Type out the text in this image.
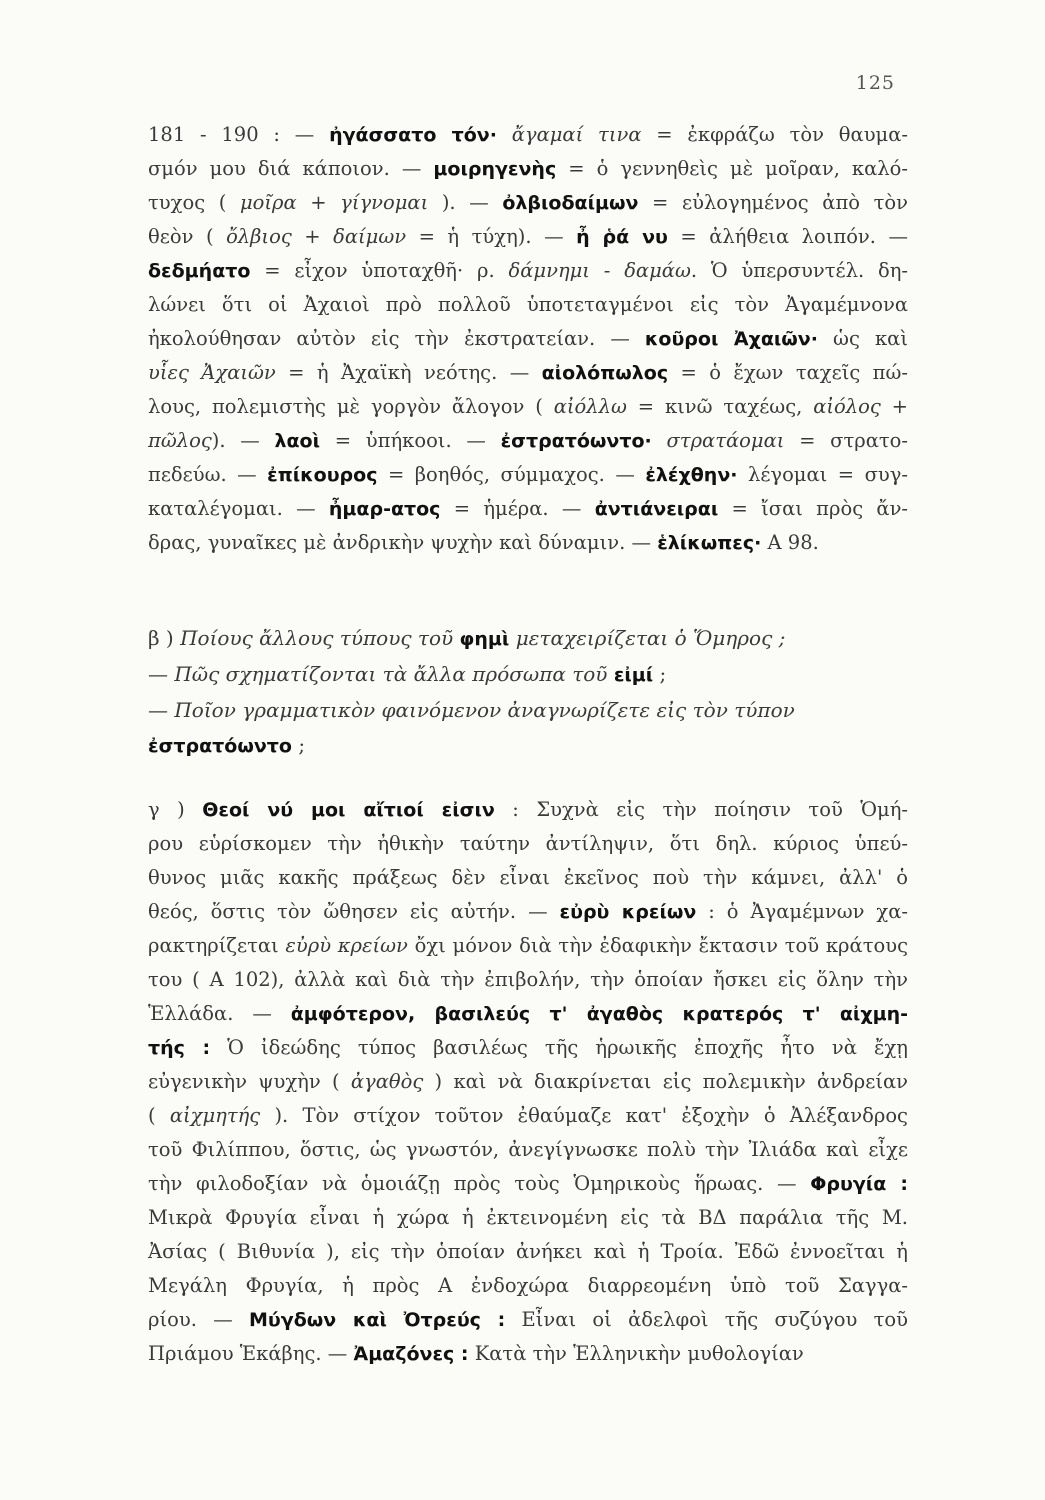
125
181 - 190 : — ἠγάσσατο τόν· ἄγαμαί τινα = ἐκφράζω τὸν θαυμα-
σμόν μου διά κάποιον. — μοιρηγενὴς = ὁ γεννηθεὶς μὲ μοῖραν, καλό-
τυχος ( μοῖρα + γίγνομαι ). — ὀλβιοδαίμων = εὐλογημένος ἀπὸ τὸν
θεὸν ( ὄλβιος + δαίμων = ἡ τύχη). — ἦ ῥά νυ = ἀλήθεια λοιπόν. —
δεδμήατο = εἶχον ὑποταχθῆ· ρ. δάμνημι - δαμάω. Ὁ ὑπερσυντέλ. δη-
λώνει ὅτι οἱ Ἀχαιοὶ πρὸ πολλοῦ ὑποτεταγμένοι εἰς τὸν Ἀγαμέμνονα
ἠκολούθησαν αὐτὸν εἰς τὴν ἐκστρατείαν. — κοῦροι Ἀχαιῶν· ὡς καὶ
υἷες Ἀχαιῶν = ἡ Ἀχαϊκὴ νεότης. — αἰολόπωλος = ὁ ἔχων ταχεῖς πώ-
λους, πολεμιστὴς μὲ γοργὸν ἄλογον ( αἰόλλω = κινῶ ταχέως, αἰόλος +
πῶλος). — λαοὶ = ὑπήκοοι. — ἐστρατόωντο· στρατάομαι = στρατο-
πεδεύω. — ἐπίκουρος = βοηθός, σύμμαχος. — ἐλέχθην· λέγομαι = συγ-
καταλέγομαι. — ἦμαρ-ατος = ἡμέρα. — ἀντιάνειραι = ἴσαι πρὸς ἄν-
δρας, γυναῖκες μὲ ἀνδρικὴν ψυχὴν καὶ δύναμιν. — ἑλίκωπες· Α 98.
β ) Ποίους ἄλλους τύπους τοῦ φημὶ μεταχειρίζεται ὁ Ὅμηρος ;
— Πῶς σχηματίζονται τὰ ἄλλα πρόσωπα τοῦ εἰμί ;
— Ποῖον γραμματικὸν φαινόμενον ἀναγνωρίζετε εἰς τὸν τύπον
ἐστρατόωντο ;
γ ) Θεοί νύ μοι αἴτιοί εἰσιν : Συχνὰ εἰς τὴν ποίησιν τοῦ Ὁμή-
ρου εὑρίσκομεν τὴν ἠθικὴν ταύτην ἀντίληψιν, ὅτι δηλ. κύριος ὑπεύ-
θυνος μιᾶς κακῆς πράξεως δὲν εἶναι ἐκεῖνος ποὺ τὴν κάμνει, ἀλλ' ὁ
θεός, ὅστις τὸν ὤθησεν εἰς αὐτήν. — εὐρὺ κρείων : ὁ Ἀγαμέμνων χα-
ρακτηρίζεται εὐρὺ κρείων ὄχι μόνον διὰ τὴν ἐδαφικὴν ἔκτασιν τοῦ κράτους
του ( Α 102), ἀλλὰ καὶ διὰ τὴν ἐπιβολήν, τὴν ὁποίαν ἤσκει εἰς ὅλην τὴν
Ἑλλάδα. — ἀμφότερον, βασιλεύς τ' ἀγαθὸς κρατερός τ' αἰχμη-
τής : Ὁ ἰδεώδης τύπος βασιλέως τῆς ἡρωικῆς ἐποχῆς ἦτο νὰ ἔχῃ
εὐγενικὴν ψυχὴν ( ἀγαθὸς ) καὶ νὰ διακρίνεται εἰς πολεμικὴν ἀνδρείαν
( αἰχμητής ). Τὸν στίχον τοῦτον ἐθαύμαζε κατ' ἐξοχὴν ὁ Ἀλέξανδρος
τοῦ Φιλίππου, ὅστις, ὡς γνωστόν, ἀνεγίγνωσκε πολὺ τὴν Ἰλιάδα καὶ εἶχε
τὴν φιλοδοξίαν νὰ ὁμοιάζῃ πρὸς τοὺς Ὁμηρικοὺς ἥρωας. — Φρυγία :
Μικρὰ Φρυγία εἶναι ἡ χώρα ἡ ἐκτεινομένη εἰς τὰ ΒΔ παράλια τῆς Μ.
Ἀσίας ( Βιθυνία ), εἰς τὴν ὁποίαν ἀνήκει καὶ ἡ Τροία. Ἐδῶ ἐννοεῖται ἡ
Μεγάλη Φρυγία, ἡ πρὸς Α ἐνδοχώρα διαρρεομένη ὑπὸ τοῦ Σαγγα-
ρίου. — Μύγδων καὶ Ὀτρεύς : Εἶναι οἱ ἀδελφοὶ τῆς συζύγου τοῦ
Πριάμου Ἑκάβης. — Ἀμαζόνες : Κατὰ τὴν Ἑλληνικὴν μυθολογίαν
